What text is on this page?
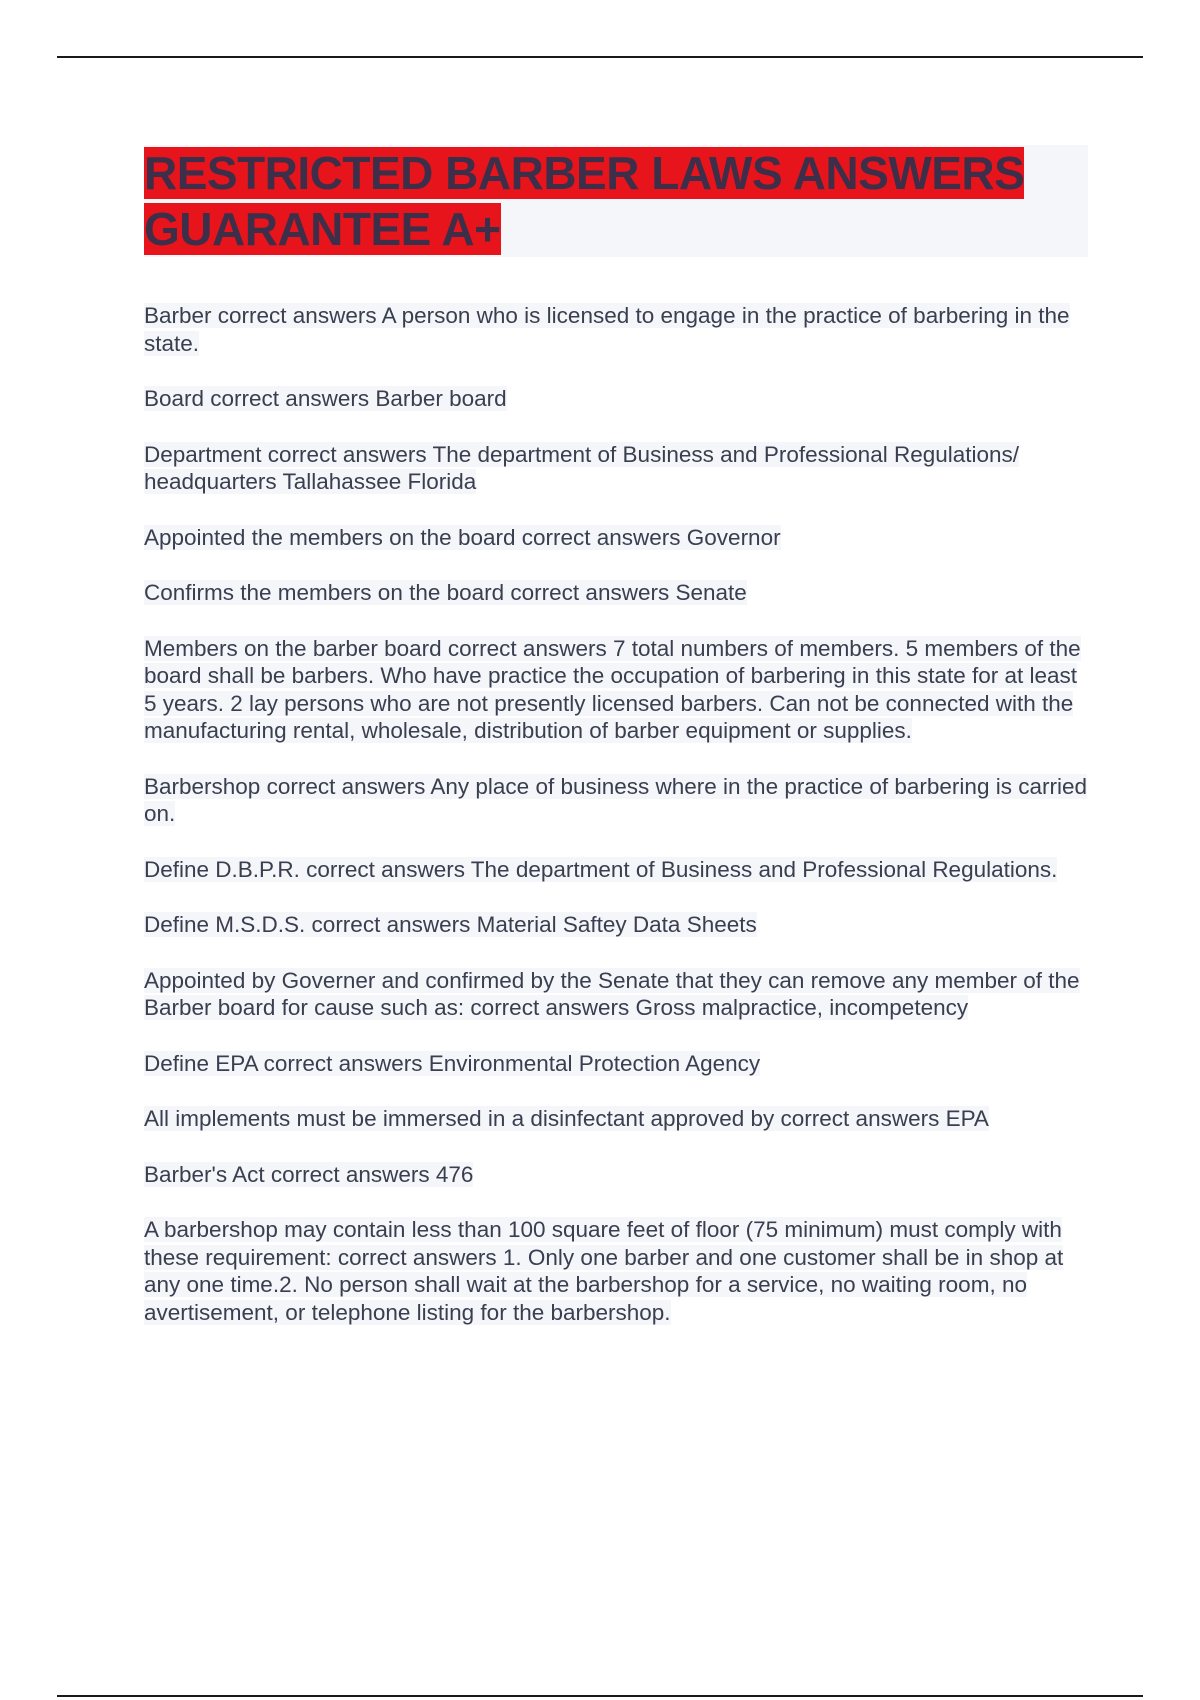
RESTRICTED BARBER LAWS ANSWERS GUARANTEE A+
Barber correct answers A person who is licensed to engage in the practice of barbering in the state.
Board correct answers Barber board
Department correct answers The department of Business and Professional Regulations/ headquarters Tallahassee Florida
Appointed the members on the board correct answers Governor
Confirms the members on the board correct answers Senate
Members on the barber board correct answers 7 total numbers of members. 5 members of the board shall be barbers. Who have practice the occupation of barbering in this state for at least 5 years. 2 lay persons who are not presently licensed barbers. Can not be connected with the manufacturing rental, wholesale, distribution of barber equipment or supplies.
Barbershop correct answers Any place of business where in the practice of barbering is carried on.
Define D.B.P.R. correct answers The department of Business and Professional Regulations.
Define M.S.D.S. correct answers Material Saftey Data Sheets
Appointed by Governer and confirmed by the Senate that they can remove any member of the Barber board for cause such as: correct answers Gross malpractice, incompetency
Define EPA correct answers Environmental Protection Agency
All implements must be immersed in a disinfectant approved by correct answers EPA
Barber's Act correct answers 476
A barbershop may contain less than 100 square feet of floor (75 minimum) must comply with these requirement: correct answers 1. Only one barber and one customer shall be in shop at any one time.2. No person shall wait at the barbershop for a service, no waiting room, no avertisement, or telephone listing for the barbershop.
